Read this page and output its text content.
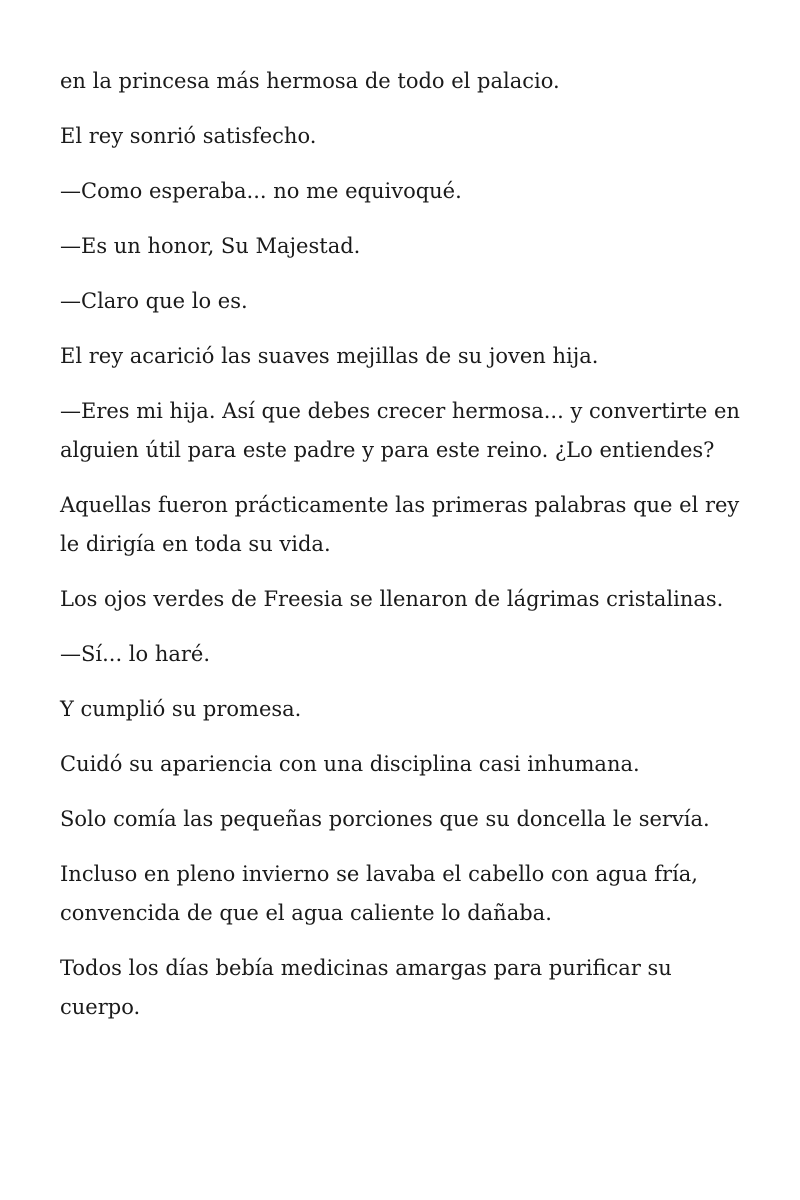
en la princesa más hermosa de todo el palacio.

El rey sonrió satisfecho.

—Como esperaba... no me equivoqué.

—Es un honor, Su Majestad.

—Claro que lo es.

El rey acarició las suaves mejillas de su joven hija.

—Eres mi hija. Así que debes crecer hermosa... y convertirte en alguien útil para este padre y para este reino. ¿Lo entiendes?

Aquellas fueron prácticamente las primeras palabras que el rey le dirigía en toda su vida.

Los ojos verdes de Freesia se llenaron de lágrimas cristalinas.

—Sí... lo haré.

Y cumplió su promesa.

Cuidó su apariencia con una disciplina casi inhumana.

Solo comía las pequeñas porciones que su doncella le servía.

Incluso en pleno invierno se lavaba el cabello con agua fría, convencida de que el agua caliente lo dañaba.

Todos los días bebía medicinas amargas para purificar su cuerpo.
